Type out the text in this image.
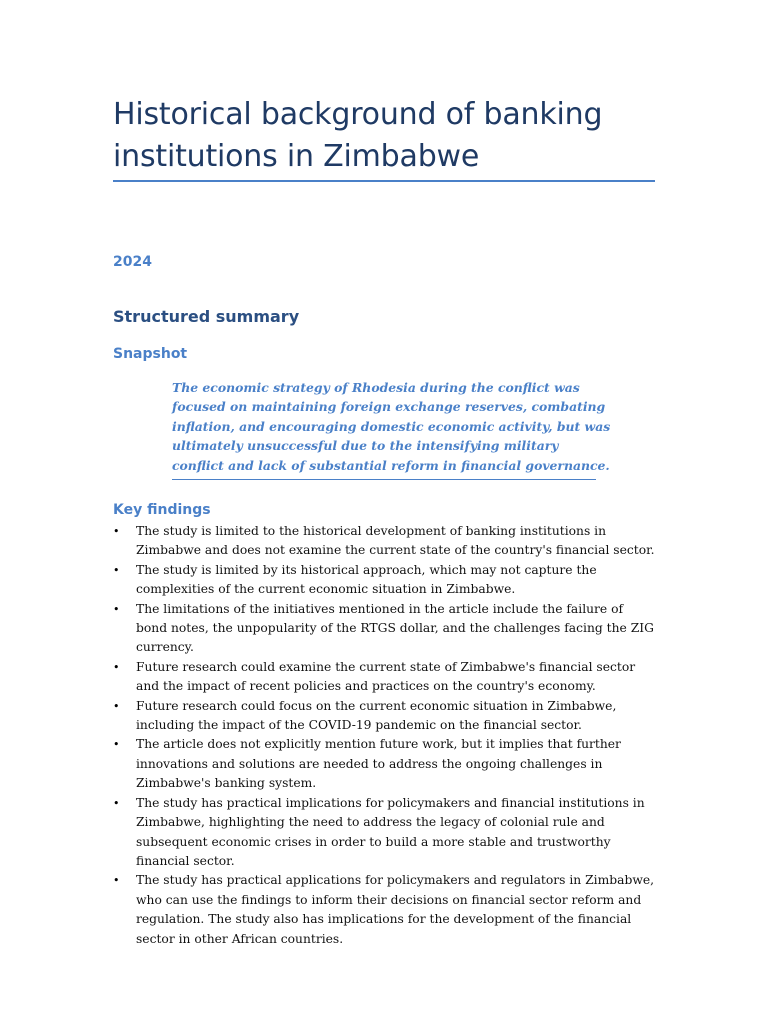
Historical background of banking institutions in Zimbabwe

2024

Structured summary
Snapshot

The economic strategy of Rhodesia during the conflict was focused on maintaining foreign exchange reserves, combating inflation, and encouraging domestic economic activity, but was ultimately unsuccessful due to the intensifying military conflict and lack of substantial reform in financial governance.

Key findings
• The study is limited to the historical development of banking institutions in Zimbabwe and does not examine the current state of the country's financial sector.
• The study is limited by its historical approach, which may not capture the complexities of the current economic situation in Zimbabwe.
• The limitations of the initiatives mentioned in the article include the failure of bond notes, the unpopularity of the RTGS dollar, and the challenges facing the ZIG currency.
• Future research could examine the current state of Zimbabwe's financial sector and the impact of recent policies and practices on the country's economy.
• Future research could focus on the current economic situation in Zimbabwe, including the impact of the COVID-19 pandemic on the financial sector.
• The article does not explicitly mention future work, but it implies that further innovations and solutions are needed to address the ongoing challenges in Zimbabwe's banking system.
• The study has practical implications for policymakers and financial institutions in Zimbabwe, highlighting the need to address the legacy of colonial rule and subsequent economic crises in order to build a more stable and trustworthy financial sector.
• The study has practical applications for policymakers and regulators in Zimbabwe, who can use the findings to inform their decisions on financial sector reform and regulation. The study also has implications for the development of the financial sector in other African countries.
